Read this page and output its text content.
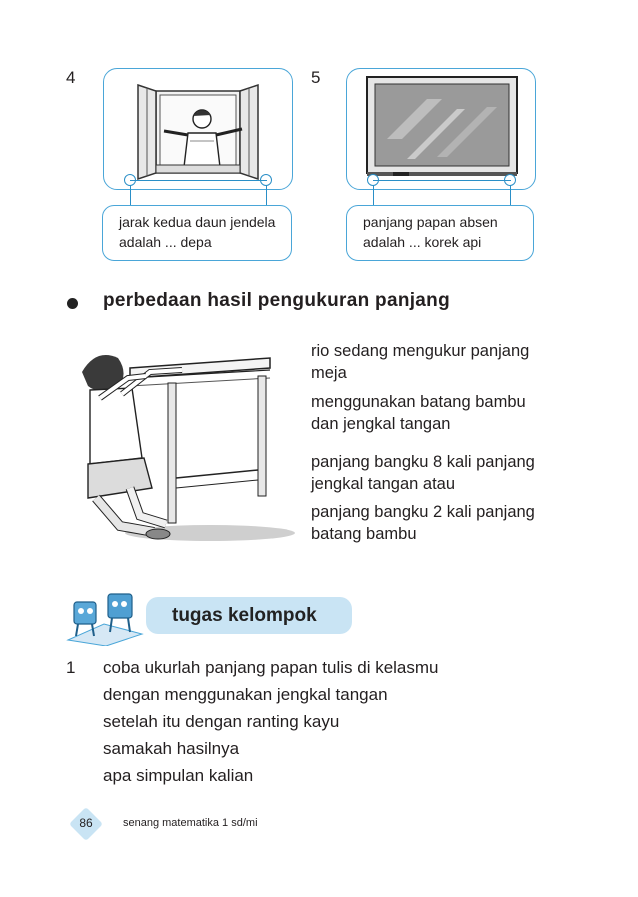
4
jarak kedua daun jendela
adalah ... depa
5
panjang papan absen
adalah ... korek api
perbedaan hasil pengukuran panjang
rio sedang mengukur panjang
meja
menggunakan batang bambu
dan jengkal tangan
panjang bangku 8 kali panjang
jengkal tangan atau
panjang bangku 2 kali panjang
batang bambu
tugas kelompok
1 coba ukurlah panjang papan tulis di kelasmu
dengan menggunakan jengkal tangan
setelah itu dengan ranting kayu
samakah hasilnya
apa simpulan kalian
86	senang matematika 1 sd/mi
